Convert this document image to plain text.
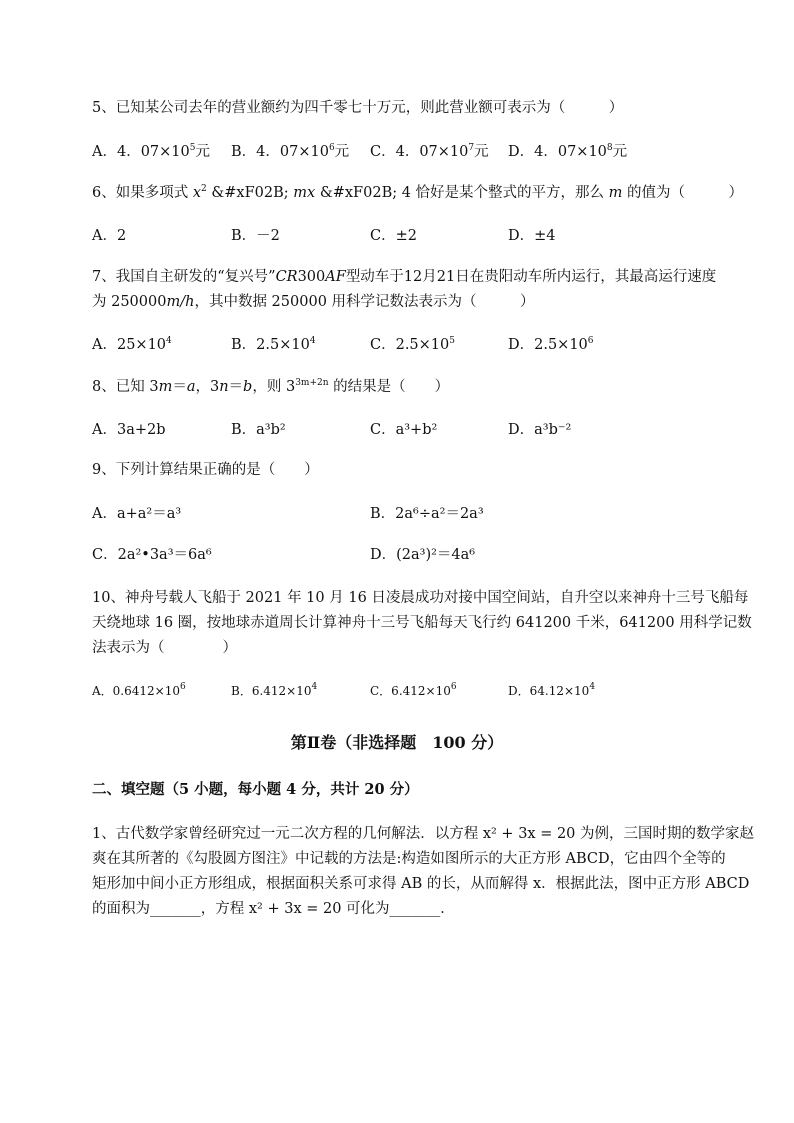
5、已知某公司去年的营业额约为四千零七十万元，则此营业额可表示为（　　　）
A．4．$07\times 10^5$元 B．4．$07\times 10^6$元 C．4．$07\times 10^7$元 D．4．$07\times 10^8$元
6、如果多项式 $x^2$ &#xF02B; mx &#xF02B; 4 恰好是某个整式的平方，那么 m 的值为（　　　）
A．2	B．－2	C．±2	D．±4
7、我国自主研发的“复兴号”CR300AF型动车于12月21日在贵阳动车所内运行，其最高运行速度
为 250000m/h，其中数据 250000 用科学记数法表示为（　　　）
A．$25\times 10^4$	B．$2.5\times 10^4$	C．$2.5\times 10^5$	D．$2.5\times 10^6$
8、已知 3m＝a，3n＝b，则 $3^{3m+2n}$ 的结果是（　　）
A．3a+2b	B．a³b²	C．a³+b²	D．a³b⁻²
9、下列计算结果正确的是（　　）
A．a+a²＝a³	B．2a⁶÷a²＝2a³
C．2a²•3a³＝6a⁶	D．(2a³)²＝4a⁶
10、神舟号载人飞船于 2021 年 10 月 16 日凌晨成功对接中国空间站，自升空以来神舟十三号飞船每
天绕地球 16 圈，按地球赤道周长计算神舟十三号飞船每天飞行约 641200 千米，641200 用科学记数
法表示为（　　　　）
A．$0.6412\times 10^6$	B．$6.412\times 10^4$	C．$6.412\times 10^6$	D．$64.12\times 10^4$
第Ⅱ卷（非选择题　100 分）
二、填空题（5 小题，每小题 4 分，共计 20 分）
1、古代数学家曾经研究过一元二次方程的几何解法．以方程 x² + 3x = 20 为例，三国时期的数学家赵
爽在其所著的《勾股圆方图注》中记载的方法是:构造如图所示的大正方形 ABCD，它由四个全等的
矩形加中间小正方形组成，根据面积关系可求得 AB 的长，从而解得 x．根据此法，图中正方形 ABCD
的面积为_______，方程 x² + 3x = 20 可化为_______．
